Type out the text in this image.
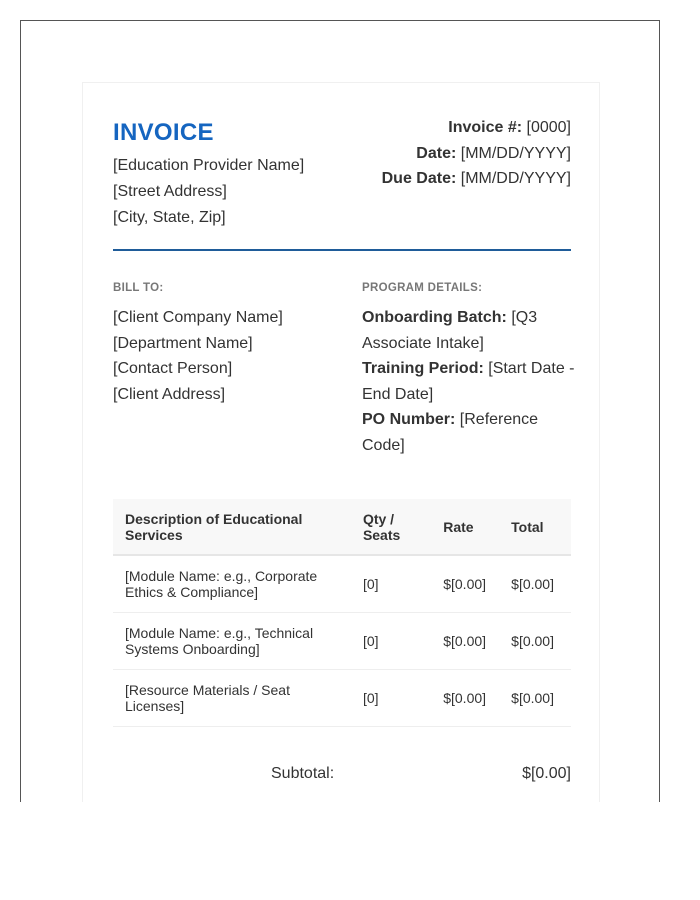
INVOICE
[Education Provider Name]
[Street Address]
[City, State, Zip]
Invoice #: [0000]
Date: [MM/DD/YYYY]
Due Date: [MM/DD/YYYY]
BILL TO:
[Client Company Name]
[Department Name]
[Contact Person]
[Client Address]
PROGRAM DETAILS:
Onboarding Batch: [Q3 Associate Intake]
Training Period: [Start Date - End Date]
PO Number: [Reference Code]
Description of Educational Services	Qty / Seats	Rate	Total
[Module Name: e.g., Corporate Ethics & Compliance]	[0]	$[0.00]	$[0.00]
[Module Name: e.g., Technical Systems Onboarding]	[0]	$[0.00]	$[0.00]
[Resource Materials / Seat Licenses]	[0]	$[0.00]	$[0.00]
Subtotal:	$[0.00]
